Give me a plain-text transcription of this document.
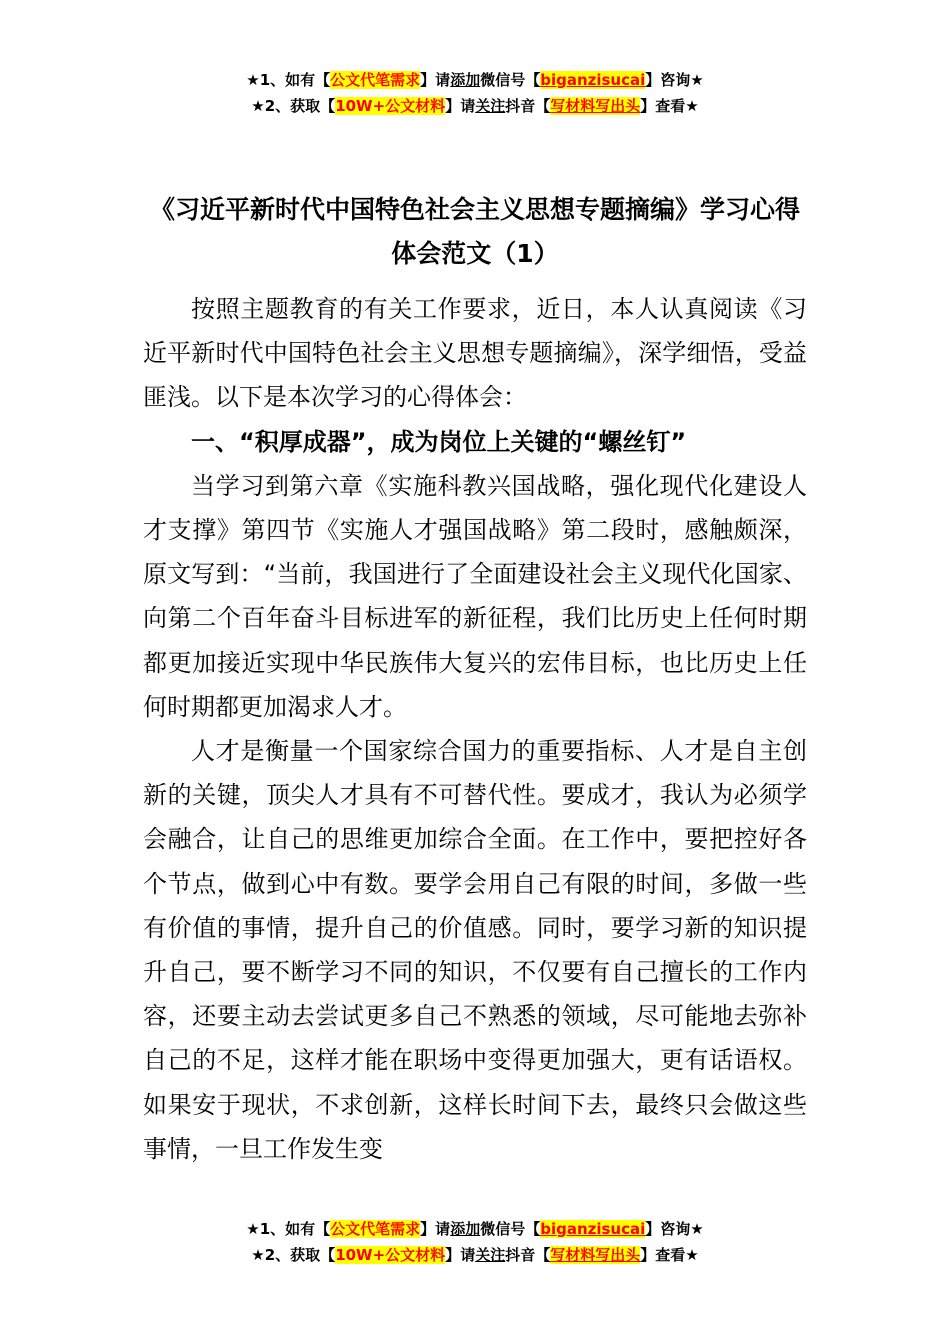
★1、如有【公文代笔需求】请添加微信号【biganzisucai】咨询★
★2、获取【10W+公文材料】请关注抖音【写材料写出头】查看★
《习近平新时代中国特色社会主义思想专题摘编》学习心得体会范文（1）

按照主题教育的有关工作要求，近日，本人认真阅读《习近平新时代中国特色社会主义思想专题摘编》，深学细悟，受益匪浅。以下是本次学习的心得体会：

一、“积厚成器”，成为岗位上关键的“螺丝钉”

当学习到第六章《实施科教兴国战略，强化现代化建设人才支撑》第四节《实施人才强国战略》第二段时，感触颇深，原文写到：“当前，我国进行了全面建设社会主义现代化国家、向第二个百年奋斗目标进军的新征程，我们比历史上任何时期都更加接近实现中华民族伟大复兴的宏伟目标，也比历史上任何时期都更加渴求人才。

人才是衡量一个国家综合国力的重要指标、人才是自主创新的关键，顶尖人才具有不可替代性。要成才，我认为必须学会融合，让自己的思维更加综合全面。在工作中，要把控好各个节点，做到心中有数。要学会用自己有限的时间，多做一些有价值的事情，提升自己的价值感。同时，要学习新的知识提升自己，要不断学习不同的知识，不仅要有自己擅长的工作内容，还要主动去尝试更多自己不熟悉的领域，尽可能地去弥补自己的不足，这样才能在职场中变得更加强大，更有话语权。如果安于现状，不求创新，这样长时间下去，最终只会做这些事情，一旦工作发生变

★1、如有【公文代笔需求】请添加微信号【biganzisucai】咨询★
★2、获取【10W+公文材料】请关注抖音【写材料写出头】查看★
